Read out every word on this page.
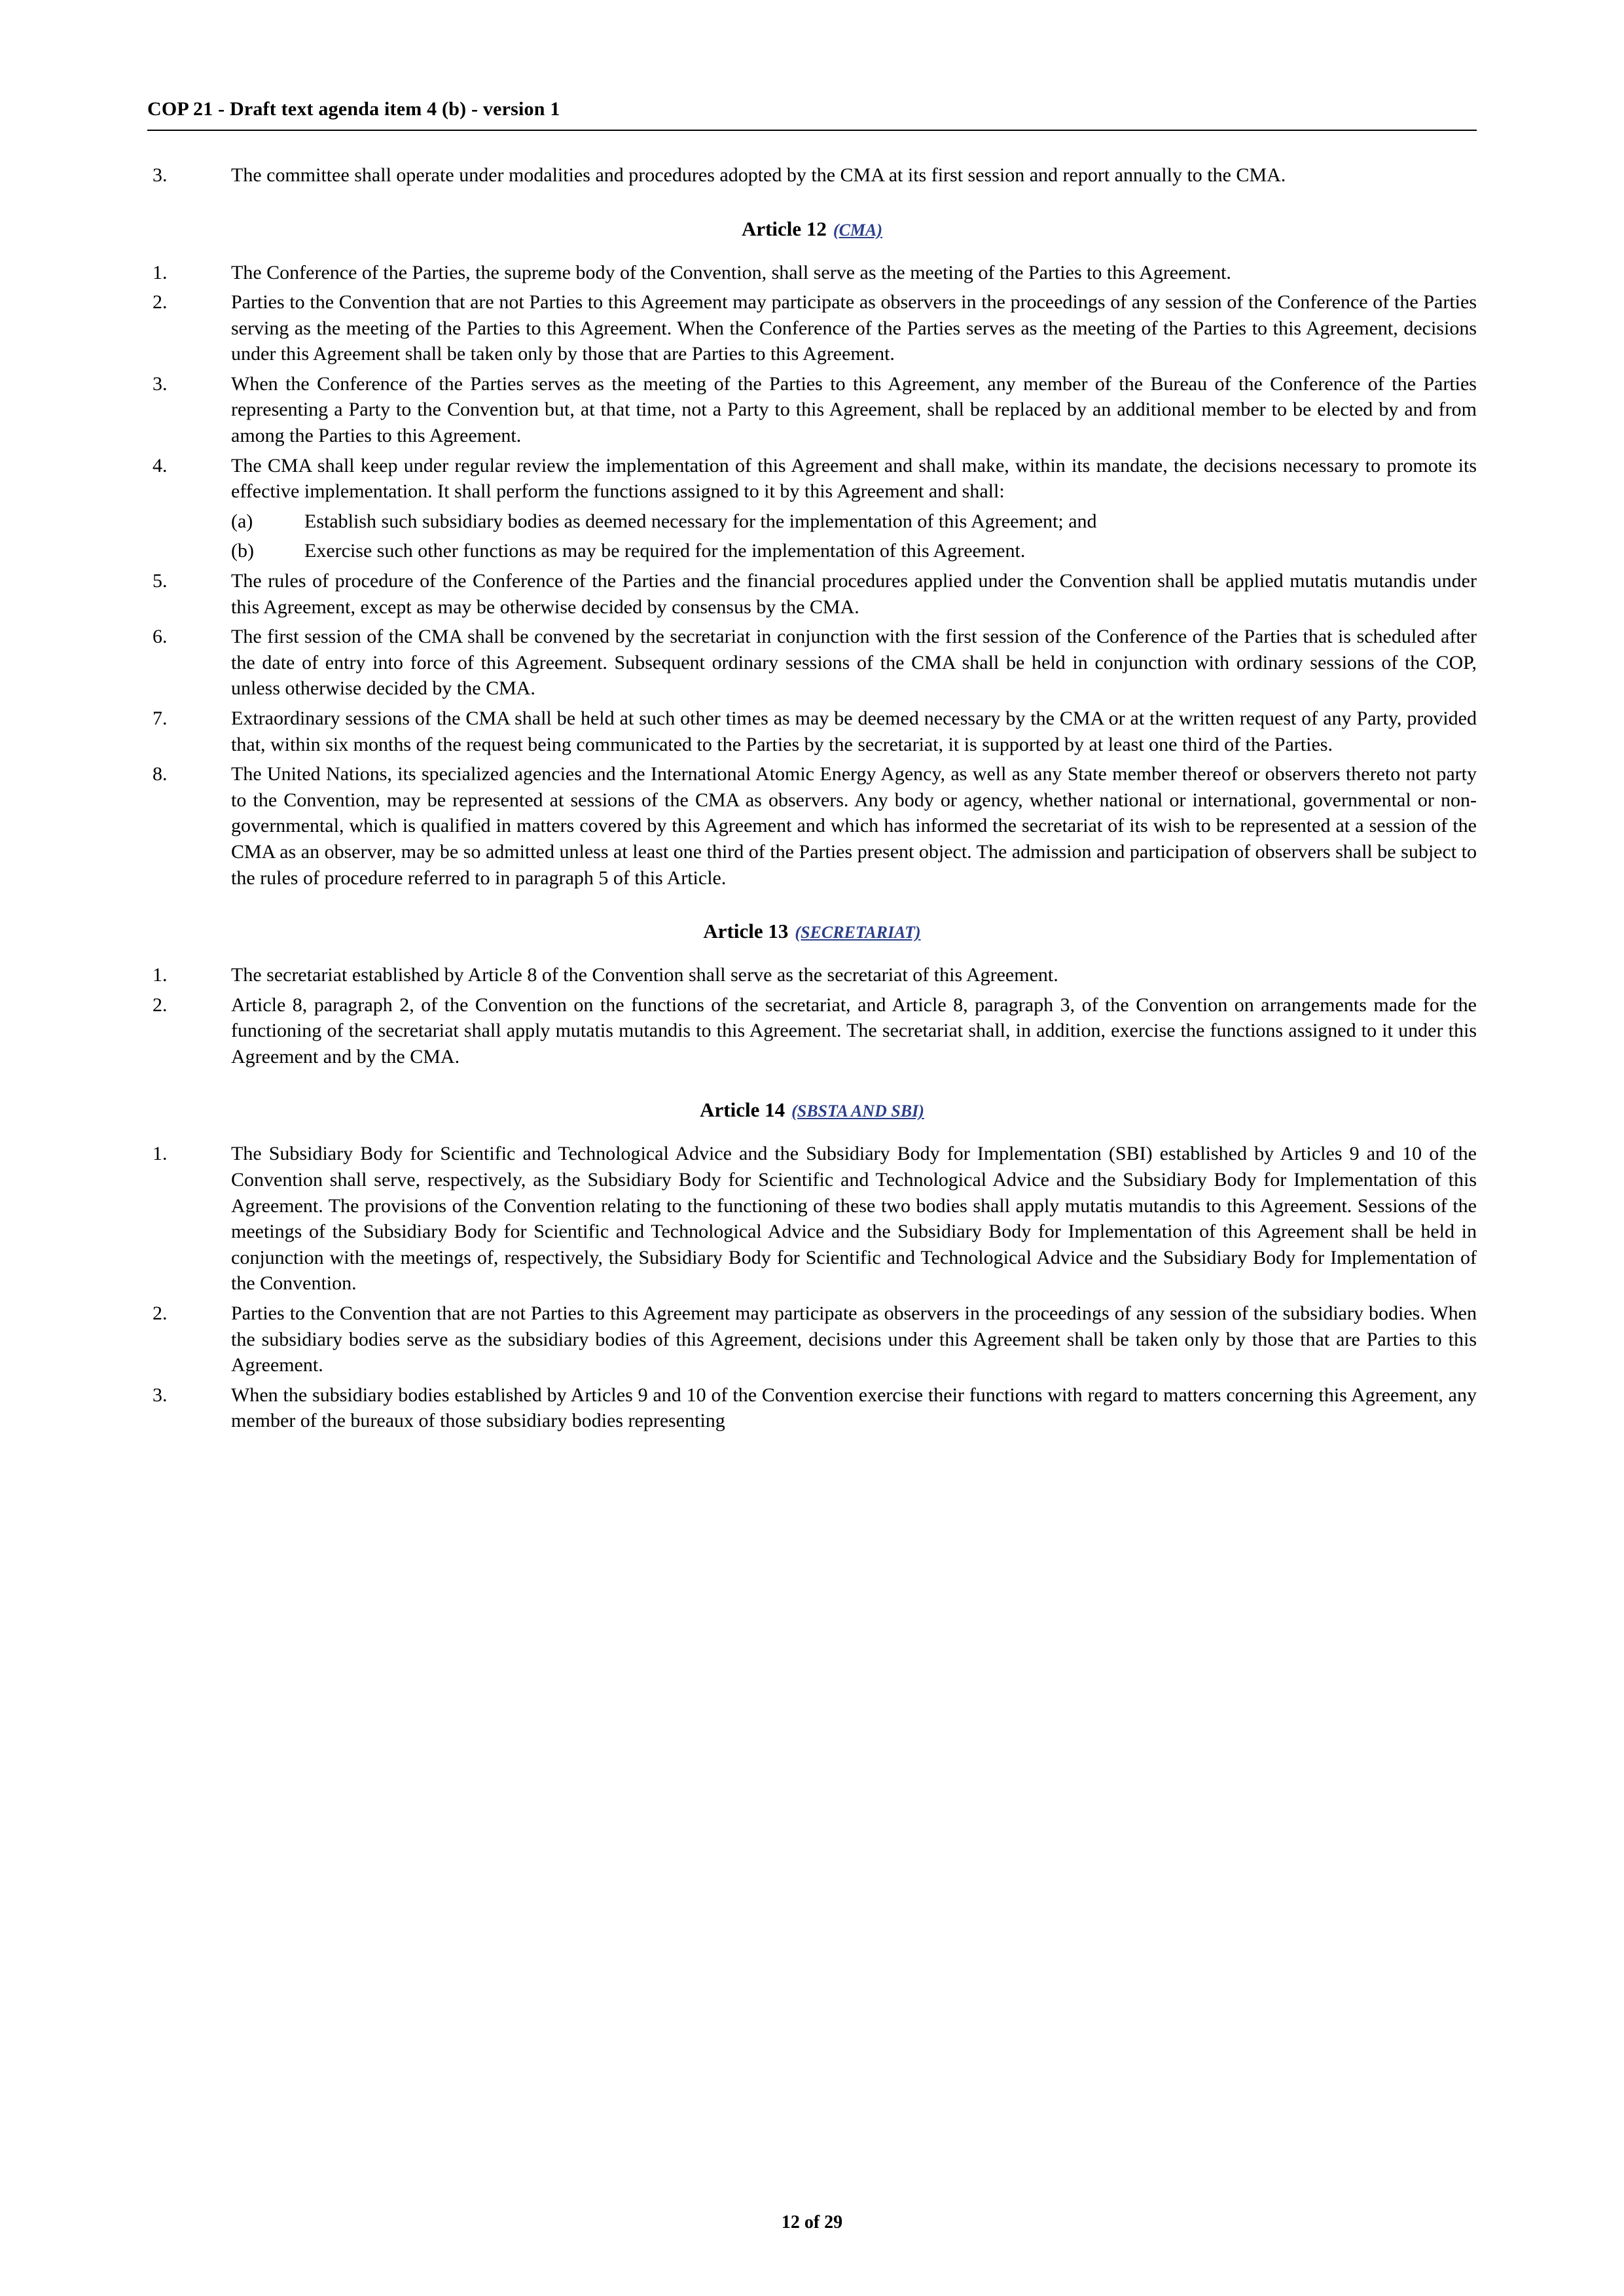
COP 21 - Draft text agenda item 4 (b) - version 1
3.	The committee shall operate under modalities and procedures adopted by the CMA at its first session and report annually to the CMA.
Article 12 (CMA)
1.	The Conference of the Parties, the supreme body of the Convention, shall serve as the meeting of the Parties to this Agreement.
2.	Parties to the Convention that are not Parties to this Agreement may participate as observers in the proceedings of any session of the Conference of the Parties serving as the meeting of the Parties to this Agreement. When the Conference of the Parties serves as the meeting of the Parties to this Agreement, decisions under this Agreement shall be taken only by those that are Parties to this Agreement.
3.	When the Conference of the Parties serves as the meeting of the Parties to this Agreement, any member of the Bureau of the Conference of the Parties representing a Party to the Convention but, at that time, not a Party to this Agreement, shall be replaced by an additional member to be elected by and from among the Parties to this Agreement.
4.	The CMA shall keep under regular review the implementation of this Agreement and shall make, within its mandate, the decisions necessary to promote its effective implementation. It shall perform the functions assigned to it by this Agreement and shall:
(a)	Establish such subsidiary bodies as deemed necessary for the implementation of this Agreement; and
(b)	Exercise such other functions as may be required for the implementation of this Agreement.
5.	The rules of procedure of the Conference of the Parties and the financial procedures applied under the Convention shall be applied mutatis mutandis under this Agreement, except as may be otherwise decided by consensus by the CMA.
6.	The first session of the CMA shall be convened by the secretariat in conjunction with the first session of the Conference of the Parties that is scheduled after the date of entry into force of this Agreement. Subsequent ordinary sessions of the CMA shall be held in conjunction with ordinary sessions of the COP, unless otherwise decided by the CMA.
7.	Extraordinary sessions of the CMA shall be held at such other times as may be deemed necessary by the CMA or at the written request of any Party, provided that, within six months of the request being communicated to the Parties by the secretariat, it is supported by at least one third of the Parties.
8.	The United Nations, its specialized agencies and the International Atomic Energy Agency, as well as any State member thereof or observers thereto not party to the Convention, may be represented at sessions of the CMA as observers. Any body or agency, whether national or international, governmental or non-governmental, which is qualified in matters covered by this Agreement and which has informed the secretariat of its wish to be represented at a session of the CMA as an observer, may be so admitted unless at least one third of the Parties present object. The admission and participation of observers shall be subject to the rules of procedure referred to in paragraph 5 of this Article.
Article 13 (SECRETARIAT)
1.	The secretariat established by Article 8 of the Convention shall serve as the secretariat of this Agreement.
2.	Article 8, paragraph 2, of the Convention on the functions of the secretariat, and Article 8, paragraph 3, of the Convention on arrangements made for the functioning of the secretariat shall apply mutatis mutandis to this Agreement. The secretariat shall, in addition, exercise the functions assigned to it under this Agreement and by the CMA.
Article 14 (SBSTA AND SBI)
1.	The Subsidiary Body for Scientific and Technological Advice and the Subsidiary Body for Implementation (SBI) established by Articles 9 and 10 of the Convention shall serve, respectively, as the Subsidiary Body for Scientific and Technological Advice and the Subsidiary Body for Implementation of this Agreement. The provisions of the Convention relating to the functioning of these two bodies shall apply mutatis mutandis to this Agreement. Sessions of the meetings of the Subsidiary Body for Scientific and Technological Advice and the Subsidiary Body for Implementation of this Agreement shall be held in conjunction with the meetings of, respectively, the Subsidiary Body for Scientific and Technological Advice and the Subsidiary Body for Implementation of the Convention.
2.	Parties to the Convention that are not Parties to this Agreement may participate as observers in the proceedings of any session of the subsidiary bodies. When the subsidiary bodies serve as the subsidiary bodies of this Agreement, decisions under this Agreement shall be taken only by those that are Parties to this Agreement.
3.	When the subsidiary bodies established by Articles 9 and 10 of the Convention exercise their functions with regard to matters concerning this Agreement, any member of the bureaux of those subsidiary bodies representing
12 of 29
